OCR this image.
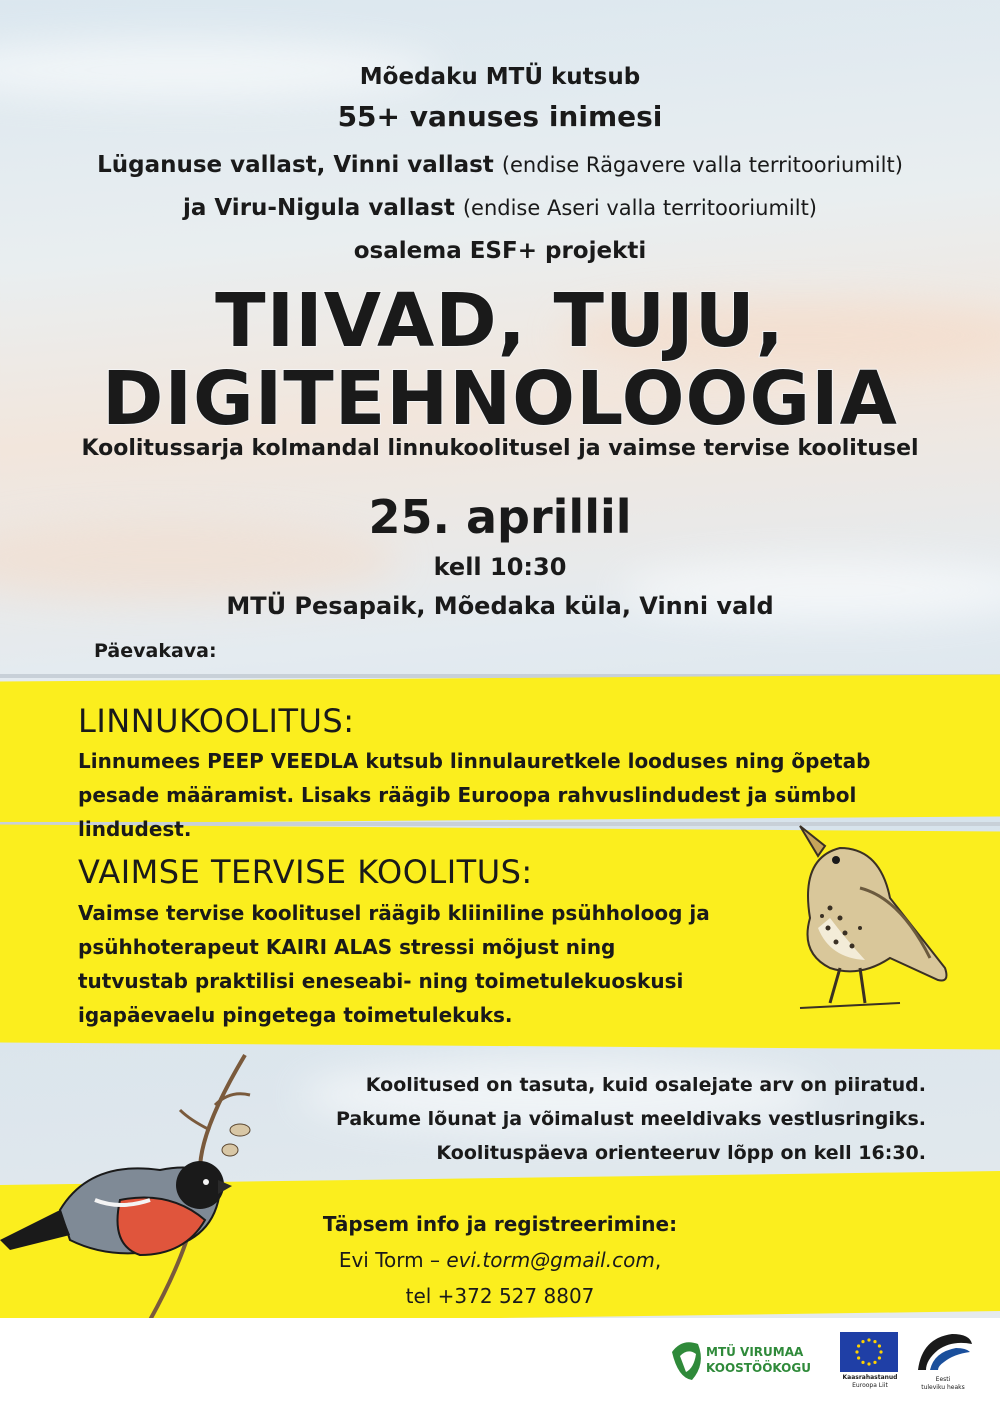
Mõedaku MTÜ kutsub
55+ vanuses inimesi
Lüganuse vallast, Vinni vallast (endise Rägavere valla territooriumilt)
ja Viru-Nigula vallast (endise Aseri valla territooriumilt)
osalema ESF+ projekti
TIIVAD, TUJU,
DIGITEHNOLOOGIA
Koolitussarja kolmandal linnukoolitusel ja vaimse tervise koolitusel
25. aprillil
kell 10:30
MTÜ Pesapaik, Mõedaka küla, Vinni vald
Päevakava:
LINNUKOOLITUS:
Linnumees PEEP VEEDLA kutsub linnulauretkele looduses ning õpetab pesade määramist. Lisaks räägib Euroopa rahvuslindudest ja sümbol lindudest.
VAIMSE TERVISE KOOLITUS:
Vaimse tervise koolitusel räägib kliiniline psühholoog ja psühhoterapeut KAIRI ALAS stressi mõjust ning tutvustab praktilisi eneseabi- ning toimetulekuoskusi igapäevaelu pingetega toimetulekuks.
Koolitused on tasuta, kuid osalejate arv on piiratud.
Pakume lõunat ja võimalust meeldivaks vestlusringiks.
Koolituspäeva orienteeruv lõpp on kell 16:30.
Täpsem info ja registreerimine:
Evi Torm – evi.torm@gmail.com,
tel +372 527 8807
MTÜ VIRUMAA
KOOSTÖÖKOGU
Kaasrahastanud
Euroopa Liit
Eesti
tuleviku heaks
